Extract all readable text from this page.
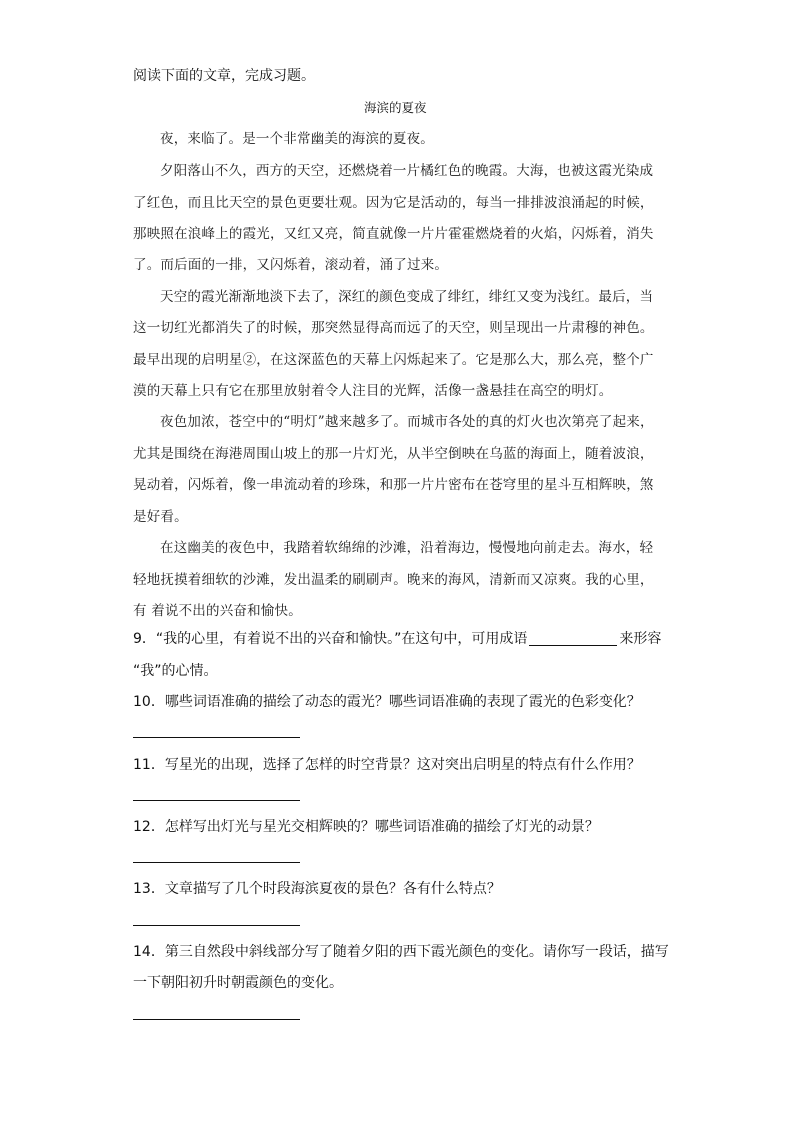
阅读下面的文章，完成习题。
海滨的夏夜
夜，来临了。是一个非常幽美的海滨的夏夜。
夕阳落山不久，西方的天空，还燃烧着一片橘红色的晚霞。大海，也被这霞光染成
了红色，而且比天空的景色更要壮观。因为它是活动的，每当一排排波浪涌起的时候，
那映照在浪峰上的霞光，又红又亮，简直就像一片片霍霍燃烧着的火焰，闪烁着，消失
了。而后面的一排，又闪烁着，滚动着，涌了过来。
天空的霞光渐渐地淡下去了，深红的颜色变成了绯红，绯红又变为浅红。最后，当
这一切红光都消失了的时候，那突然显得高而远了的天空，则呈现出一片肃穆的神色。
最早出现的启明星②，在这深蓝色的天幕上闪烁起来了。它是那么大，那么亮，整个广
漠的天幕上只有它在那里放射着令人注目的光辉，活像一盏悬挂在高空的明灯。
夜色加浓，苍空中的“明灯”越来越多了。而城市各处的真的灯火也次第亮了起来，
尤其是围绕在海港周围山坡上的那一片灯光，从半空倒映在乌蓝的海面上，随着波浪，
晃动着，闪烁着，像一串流动着的珍珠，和那一片片密布在苍穹里的星斗互相辉映，煞
是好看。
在这幽美的夜色中，我踏着软绵绵的沙滩，沿着海边，慢慢地向前走去。海水，轻
轻地抚摸着细软的沙滩，发出温柔的刷刷声。晚来的海风，清新而又凉爽。我的心里，
有 着说不出的兴奋和愉快。
9．“我的心里，有着说不出的兴奋和愉快。”在这句中，可用成语	来形容
“我”的心情。
10．哪些词语准确的描绘了动态的霞光？哪些词语准确的表现了霞光的色彩变化？
11．写星光的出现，选择了怎样的时空背景？这对突出启明星的特点有什么作用？
12．怎样写出灯光与星光交相辉映的？哪些词语准确的描绘了灯光的动景？
13．文章描写了几个时段海滨夏夜的景色？各有什么特点？
14．第三自然段中斜线部分写了随着夕阳的西下霞光颜色的变化。请你写一段话，描写
一下朝阳初升时朝霞颜色的变化。
